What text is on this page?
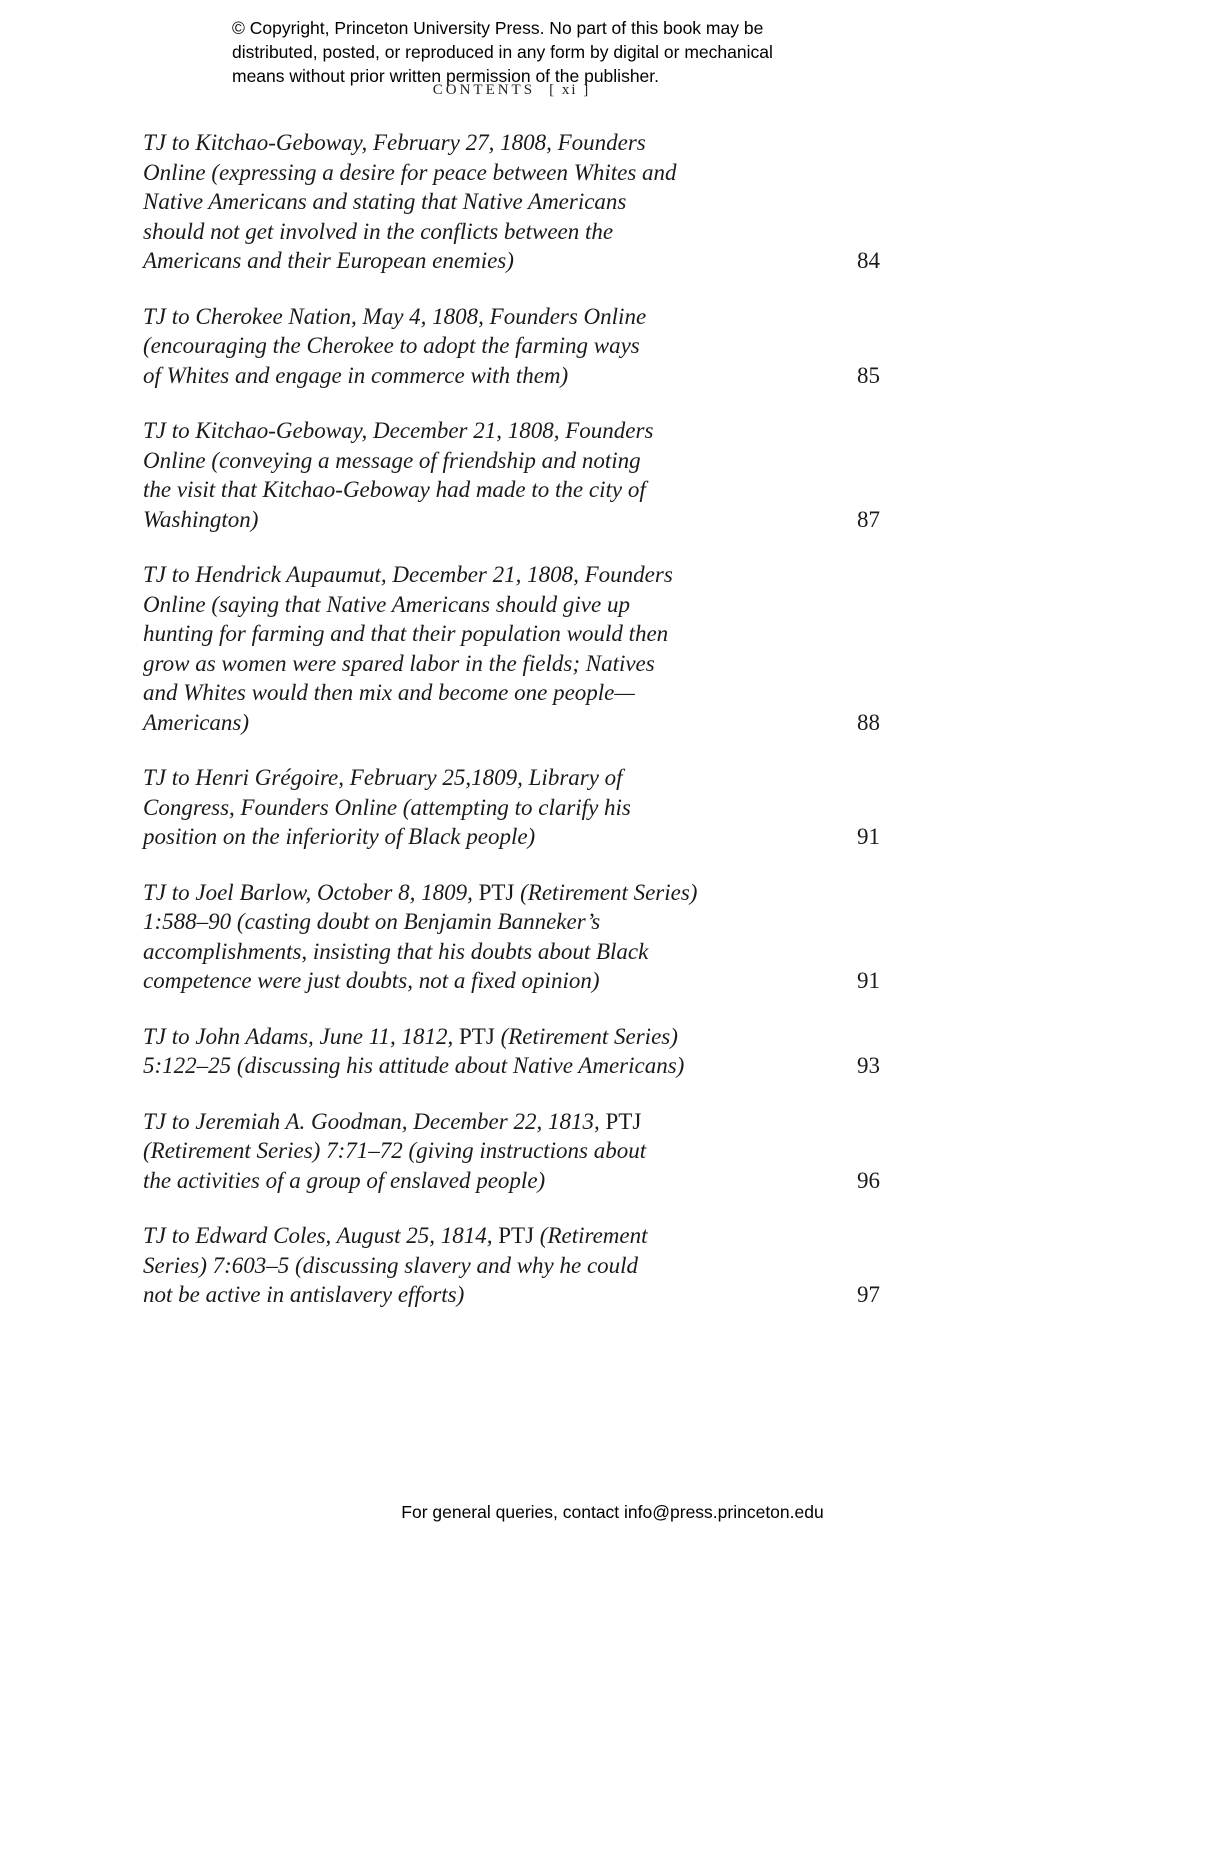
© Copyright, Princeton University Press. No part of this book may be
distributed, posted, or reproduced in any form by digital or mechanical
means without prior written permission of the publisher.
CONTENTS [ xi ]
TJ to Kitchao-Geboway, February 27, 1808, Founders
Online (expressing a desire for peace between Whites and
Native Americans and stating that Native Americans
should not get involved in the conflicts between the
Americans and their European enemies)	84
TJ to Cherokee Nation, May 4, 1808, Founders Online
(encouraging the Cherokee to adopt the farming ways
of Whites and engage in commerce with them)	85
TJ to Kitchao-Geboway, December 21, 1808, Founders
Online (conveying a message of friendship and noting
the visit that Kitchao-Geboway had made to the city of
Washington)	87
TJ to Hendrick Aupaumut, December 21, 1808, Founders
Online (saying that Native Americans should give up
hunting for farming and that their population would then
grow as women were spared labor in the fields; Natives
and Whites would then mix and become one people—
Americans)	88
TJ to Henri Grégoire, February 25,1809, Library of
Congress, Founders Online (attempting to clarify his
position on the inferiority of Black people)	91
TJ to Joel Barlow, October 8, 1809, PTJ (Retirement Series)
1:588–90 (casting doubt on Benjamin Banneker’s
accomplishments, insisting that his doubts about Black
competence were just doubts, not a fixed opinion)	91
TJ to John Adams, June 11, 1812, PTJ (Retirement Series)
5:122–25 (discussing his attitude about Native Americans)	93
TJ to Jeremiah A. Goodman, December 22, 1813, PTJ
(Retirement Series) 7:71–72 (giving instructions about
the activities of a group of enslaved people)	96
TJ to Edward Coles, August 25, 1814, PTJ (Retirement
Series) 7:603–5 (discussing slavery and why he could
not be active in antislavery efforts)	97
For general queries, contact info@press.princeton.edu
